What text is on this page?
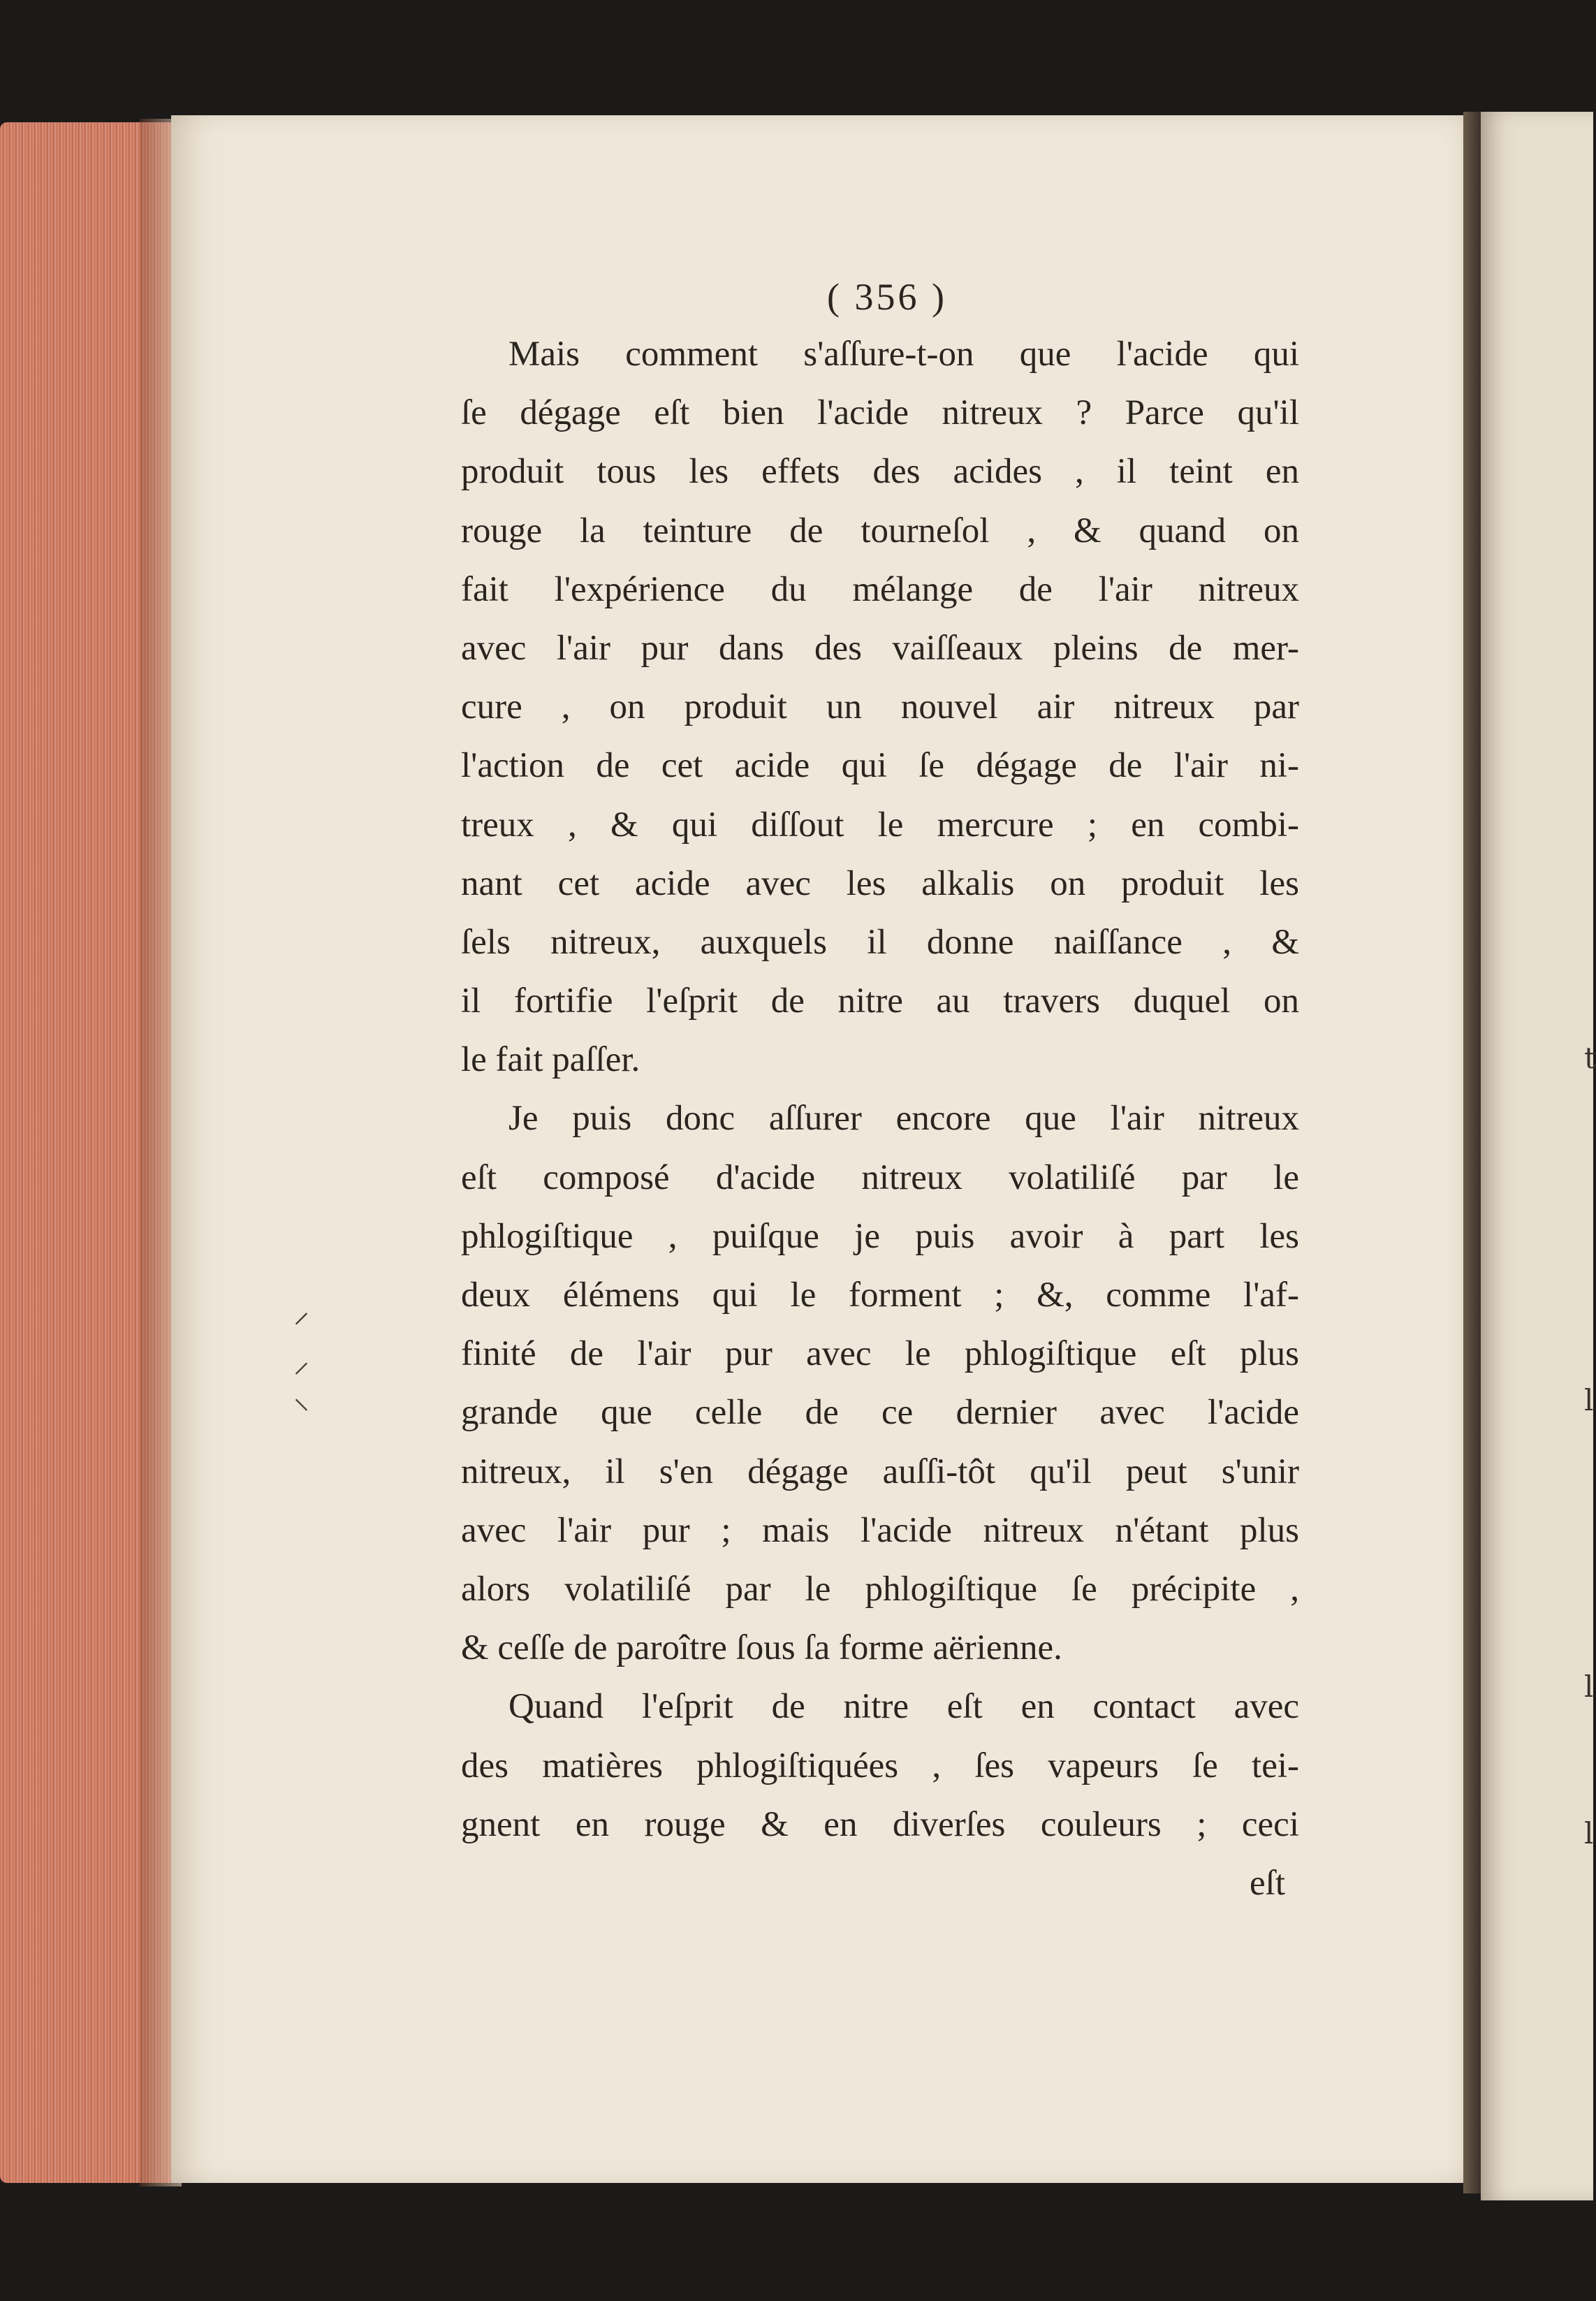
t
l
l
l
⸍
⸝
⸜
( 356 )
Mais comment s'aſſure-t-on que l'acide qui
ſe dégage eſt bien l'acide nitreux ? Parce qu'il
produit tous les effets des acides , il teint en
rouge la teinture de tourneſol , & quand on
fait l'expérience du mélange de l'air nitreux
avec l'air pur dans des vaiſſeaux pleins de mer-
cure , on produit un nouvel air nitreux par
l'action de cet acide qui ſe dégage de l'air ni-
treux , & qui diſſout le mercure ; en combi-
nant cet acide avec les alkalis on produit les
ſels nitreux, auxquels il donne naiſſance , &
il fortifie l'eſprit de nitre au travers duquel on
le fait paſſer.
Je puis donc aſſurer encore que l'air nitreux
eſt composé d'acide nitreux volatiliſé par le
phlogiſtique , puiſque je puis avoir à part les
deux élémens qui le forment ; &, comme l'af-
finité de l'air pur avec le phlogiſtique eſt plus
grande que celle de ce dernier avec l'acide
nitreux, il s'en dégage auſſi-tôt qu'il peut s'unir
avec l'air pur ; mais l'acide nitreux n'étant plus
alors volatiliſé par le phlogiſtique ſe précipite ,
& ceſſe de paroître ſous ſa forme aërienne.
Quand l'eſprit de nitre eſt en contact avec
des matières phlogiſtiquées , ſes vapeurs ſe tei-
gnent en rouge & en diverſes couleurs ; ceci
eſt
